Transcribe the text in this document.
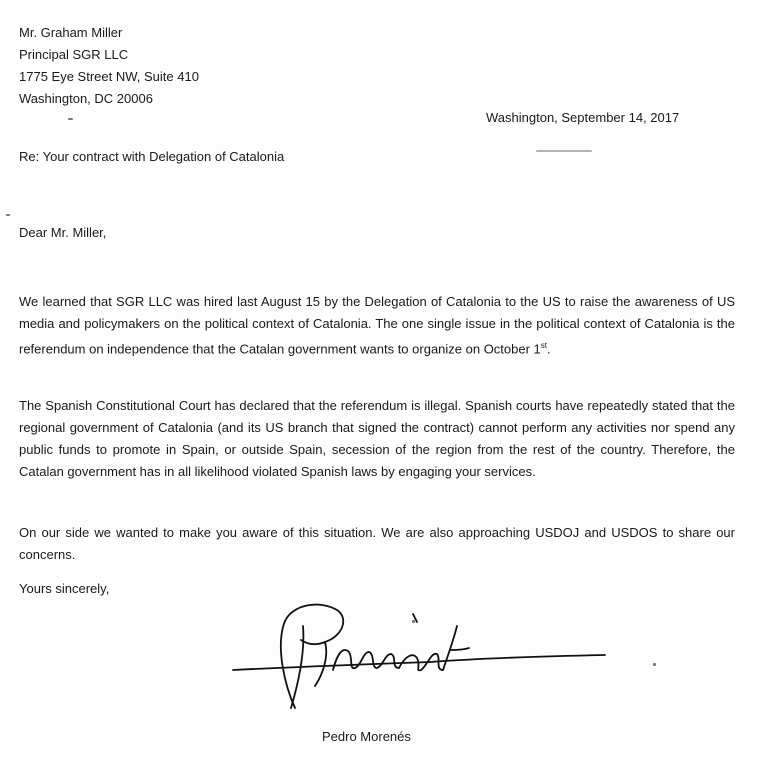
Mr. Graham Miller
Principal SGR LLC
1775 Eye Street NW, Suite 410
Washington, DC 20006
Washington, September 14, 2017
Re: Your contract with Delegation of Catalonia
Dear Mr. Miller,

We learned that SGR LLC was hired last August 15 by the Delegation of Catalonia to the US to raise the awareness of US media and policymakers on the political context of Catalonia. The one single issue in the political context of Catalonia is the referendum on independence that the Catalan government wants to organize on October 1st.

The Spanish Constitutional Court has declared that the referendum is illegal. Spanish courts have repeatedly stated that the regional government of Catalonia (and its US branch that signed the contract) cannot perform any activities nor spend any public funds to promote in Spain, or outside Spain, secession of the region from the rest of the country. Therefore, the Catalan government has in all likelihood violated Spanish laws by engaging your services.

On our side we wanted to make you aware of this situation. We are also approaching USDOJ and USDOS to share our concerns.

Yours sincerely,
Pedro Morenés
